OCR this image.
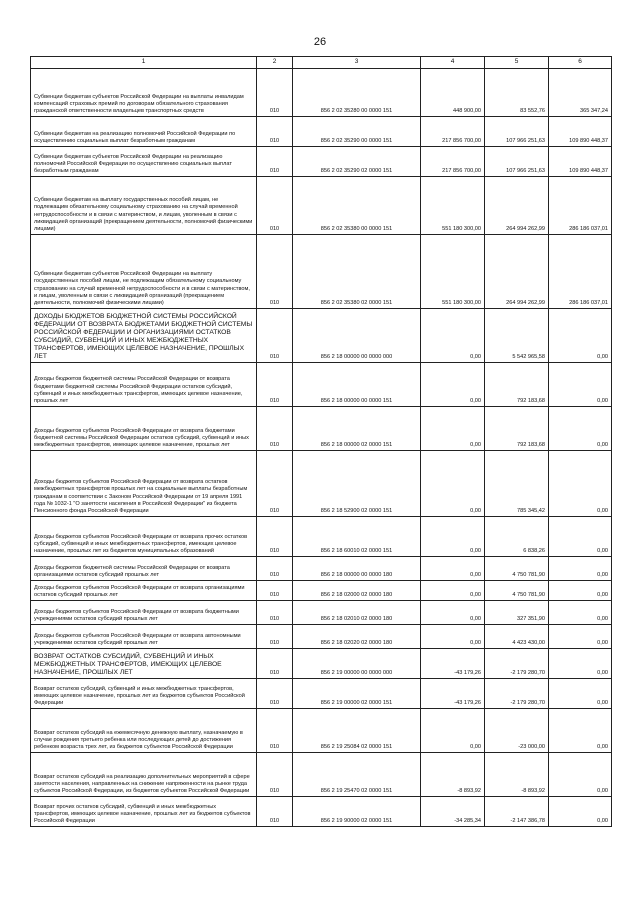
26
1	2	3	4	5	6
Субвенции бюджетам субъектов Российской Федерации на выплаты инвалидам компенсаций страховых премий по договорам обязательного страхования гражданской ответственности владельцев транспортных средств	010	856 2 02 35280 00 0000 151	448 900,00	83 552,76	365 347,24
Субвенции бюджетам на реализацию полномочий Российской Федерации по осуществлению социальных выплат безработным гражданам	010	856 2 02 35290 00 0000 151	217 856 700,00	107 966 251,63	109 890 448,37
Субвенции бюджетам субъектов Российской Федерации на реализацию полномочий Российской Федерации по осуществлению социальных выплат безработным гражданам	010	856 2 02 35290 02 0000 151	217 856 700,00	107 966 251,63	109 890 448,37
Субвенции бюджетам на выплату государственных пособий лицам, не подлежащим обязательному социальному страхованию на случай временной нетрудоспособности и в связи с материнством, и лицам, уволенным в связи с ликвидацией организаций (прекращением деятельности, полномочий физическими лицами)	010	856 2 02 35380 00 0000 151	551 180 300,00	264 994 262,99	286 186 037,01
Субвенции бюджетам субъектов Российской Федерации на выплату государственных пособий лицам, не подлежащим обязательному социальному страхованию на случай временной нетрудоспособности и в связи с материнством, и лицам, уволенным в связи с ликвидацией организаций (прекращением деятельности, полномочий физическими лицами)	010	856 2 02 35380 02 0000 151	551 180 300,00	264 994 262,99	286 186 037,01
ДОХОДЫ БЮДЖЕТОВ БЮДЖЕТНОЙ СИСТЕМЫ РОССИЙСКОЙ ФЕДЕРАЦИИ ОТ ВОЗВРАТА БЮДЖЕТАМИ БЮДЖЕТНОЙ СИСТЕМЫ РОССИЙСКОЙ ФЕДЕРАЦИИ И ОРГАНИЗАЦИЯМИ ОСТАТКОВ СУБСИДИЙ, СУБВЕНЦИЙ И ИНЫХ МЕЖБЮДЖЕТНЫХ ТРАНСФЕРТОВ, ИМЕЮЩИХ ЦЕЛЕВОЕ НАЗНАЧЕНИЕ, ПРОШЛЫХ ЛЕТ	010	856 2 18 00000 00 0000 000	0,00	5 542 965,58	0,00
Доходы бюджетов бюджетной системы Российской Федерации от возврата бюджетами бюджетной системы Российской Федерации остатков субсидий, субвенций и иных межбюджетных трансфертов, имеющих целевое назначение, прошлых лет	010	856 2 18 00000 00 0000 151	0,00	792 183,68	0,00
Доходы бюджетов субъектов Российской Федерации от возврата бюджетами бюджетной системы Российской Федерации остатков субсидий, субвенций и иных межбюджетных трансфертов, имеющих целевое назначение, прошлых лет	010	856 2 18 00000 02 0000 151	0,00	792 183,68	0,00
Доходы бюджетов субъектов Российской Федерации от возврата остатков межбюджетных трансфертов прошлых лет на социальные выплаты безработным гражданам в соответствии с Законом Российской Федерации от 19 апреля 1991 года № 1032-1 "О занятости населения в Российской Федерации" из бюджета Пенсионного фонда Российской Федерации	010	856 2 18 52900 02 0000 151	0,00	785 345,42	0,00
Доходы бюджетов субъектов Российской Федерации от возврата прочих остатков субсидий, субвенций и иных межбюджетных трансфертов, имеющих целевое назначение, прошлых лет из бюджетов муниципальных образований	010	856 2 18 60010 02 0000 151	0,00	6 838,26	0,00
Доходы бюджетов бюджетной системы Российской Федерации от возврата организациями остатков субсидий прошлых лет	010	856 2 18 00000 00 0000 180	0,00	4 750 781,90	0,00
Доходы бюджетов субъектов Российской Федерации от возврата организациями остатков субсидий прошлых лет	010	856 2 18 02000 02 0000 180	0,00	4 750 781,90	0,00
Доходы бюджетов субъектов Российской Федерации от возврата бюджетными учреждениями остатков субсидий прошлых лет	010	856 2 18 02010 02 0000 180	0,00	327 351,90	0,00
Доходы бюджетов субъектов Российской Федерации от возврата автономными учреждениями остатков субсидий прошлых лет	010	856 2 18 02020 02 0000 180	0,00	4 423 430,00	0,00
ВОЗВРАТ ОСТАТКОВ СУБСИДИЙ, СУБВЕНЦИЙ И ИНЫХ МЕЖБЮДЖЕТНЫХ ТРАНСФЕРТОВ, ИМЕЮЩИХ ЦЕЛЕВОЕ НАЗНАЧЕНИЕ, ПРОШЛЫХ ЛЕТ	010	856 2 19 00000 00 0000 000	-43 179,26	-2 179 280,70	0,00
Возврат остатков субсидий, субвенций и иных межбюджетных трансфертов, имеющих целевое назначение, прошлых лет из бюджетов субъектов Российской Федерации	010	856 2 19 00000 02 0000 151	-43 179,26	-2 179 280,70	0,00
Возврат остатков субсидий на ежемесячную денежную выплату, назначаемую в случае рождения третьего ребенка или последующих детей до достижения ребенком возраста трех лет, из бюджетов субъектов Российской Федерации	010	856 2 19 25084 02 0000 151	0,00	-23 000,00	0,00
Возврат остатков субсидий на реализацию дополнительных мероприятий в сфере занятости населения, направленных на снижение напряженности на рынке труда субъектов Российской Федерации, из бюджетов субъектов Российской Федерации	010	856 2 19 25470 02 0000 151	-8 893,92	-8 893,92	0,00
Возврат прочих остатков субсидий, субвенций и иных межбюджетных трансфертов, имеющих целевое назначение, прошлых лет из бюджетов субъектов Российской Федерации	010	856 2 19 90000 02 0000 151	-34 285,34	-2 147 386,78	0,00
